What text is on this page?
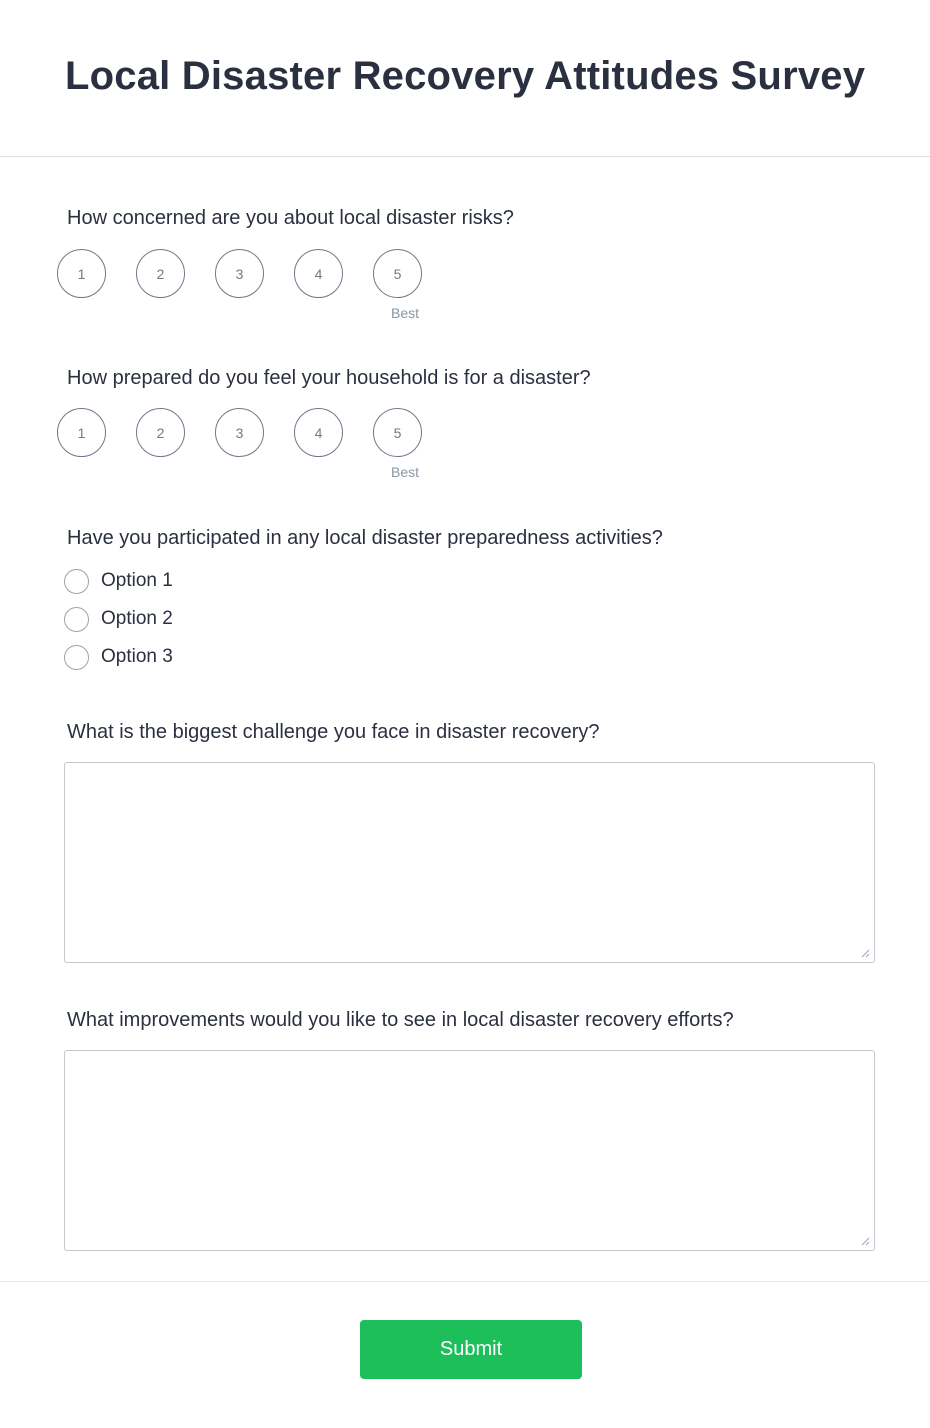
Local Disaster Recovery Attitudes Survey
How concerned are you about local disaster risks?
1	2	3	4	5
Best
How prepared do you feel your household is for a disaster?
1	2	3	4	5
Best
Have you participated in any local disaster preparedness activities?
Option 1
Option 2
Option 3
What is the biggest challenge you face in disaster recovery?
What improvements would you like to see in local disaster recovery efforts?
Submit
